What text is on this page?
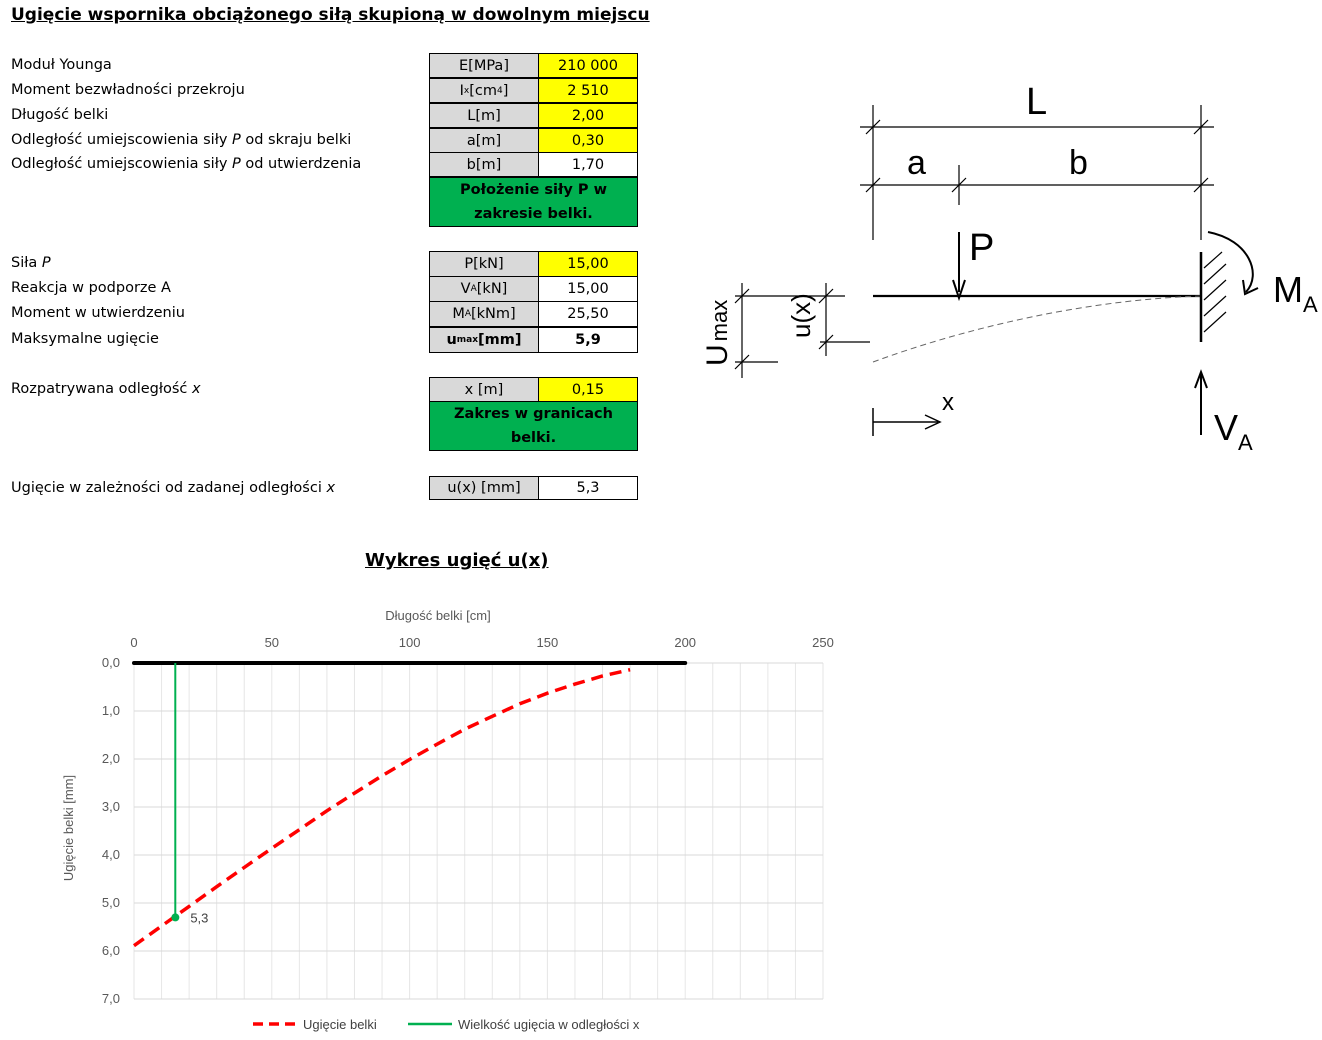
Ugięcie wspornika obciążonego siłą skupioną w dowolnym miejscu
Moduł Younga	E [MPa]	210 000
Moment bezwładności przekroju	I x [cm 4 ]	2 510
Długość belki	L [m]	2,00
Odległość umiejscowienia siły P od skraju belki	a [m]	0,30
Odległość umiejscowienia siły P od utwierdzenia	b [m]	1,70
Położenie siły P w zakresie belki.
Siła P	P [kN]	15,00
Reakcja w podporze A	V A [kN]	15,00
Moment w utwierdzeniu	M A [kNm]	25,50
Maksymalne ugięcie	u max [mm]	5,9
Rozpatrywana odległość x	x [m]	0,15
Zakres w granicach belki.
Ugięcie w zależności od zadanej odległości x	u(x) [mm]	5,3
L
a	b
P
$M_A$
$V_A$
x
Umax u(x)
Wykres ugięć u(x)
Długość belki [cm]
Ugięcie belki [mm]
0	50	100	150	200	250
0,0
1,0
2,0
3,0
4,0
5,0
6,0
7,0
5,3
Ugięcie belki	Wielkość ugięcia w odległości x
